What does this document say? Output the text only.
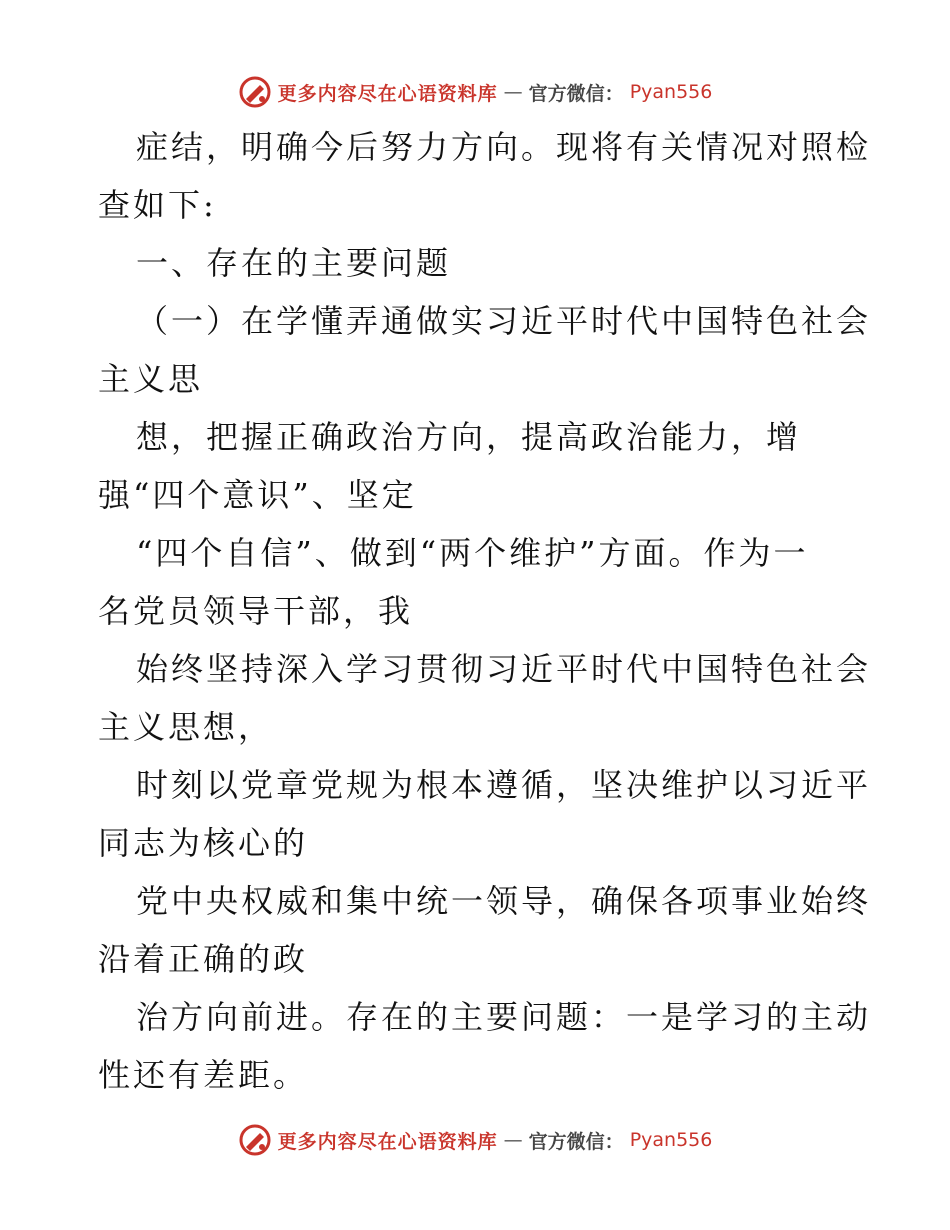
更多内容尽在心语资料库 — 官方微信： Pyan556
症结，明确今后努力方向。现将有关情况对照检
查如下:
一、存在的主要问题
（一）在学懂弄通做实习近平时代中国特色社会
主义思
想，把握正确政治方向，提高政治能力，增
强“四个意识”、坚定
“四个自信”、做到“两个维护”方面。作为一
名党员领导干部，我
始终坚持深入学习贯彻习近平时代中国特色社会
主义思想，
时刻以党章党规为根本遵循，坚决维护以习近平
同志为核心的
党中央权威和集中统一领导，确保各项事业始终
沿着正确的政
治方向前进。存在的主要问题：一是学习的主动
性还有差距。
更多内容尽在心语资料库 — 官方微信： Pyan556
